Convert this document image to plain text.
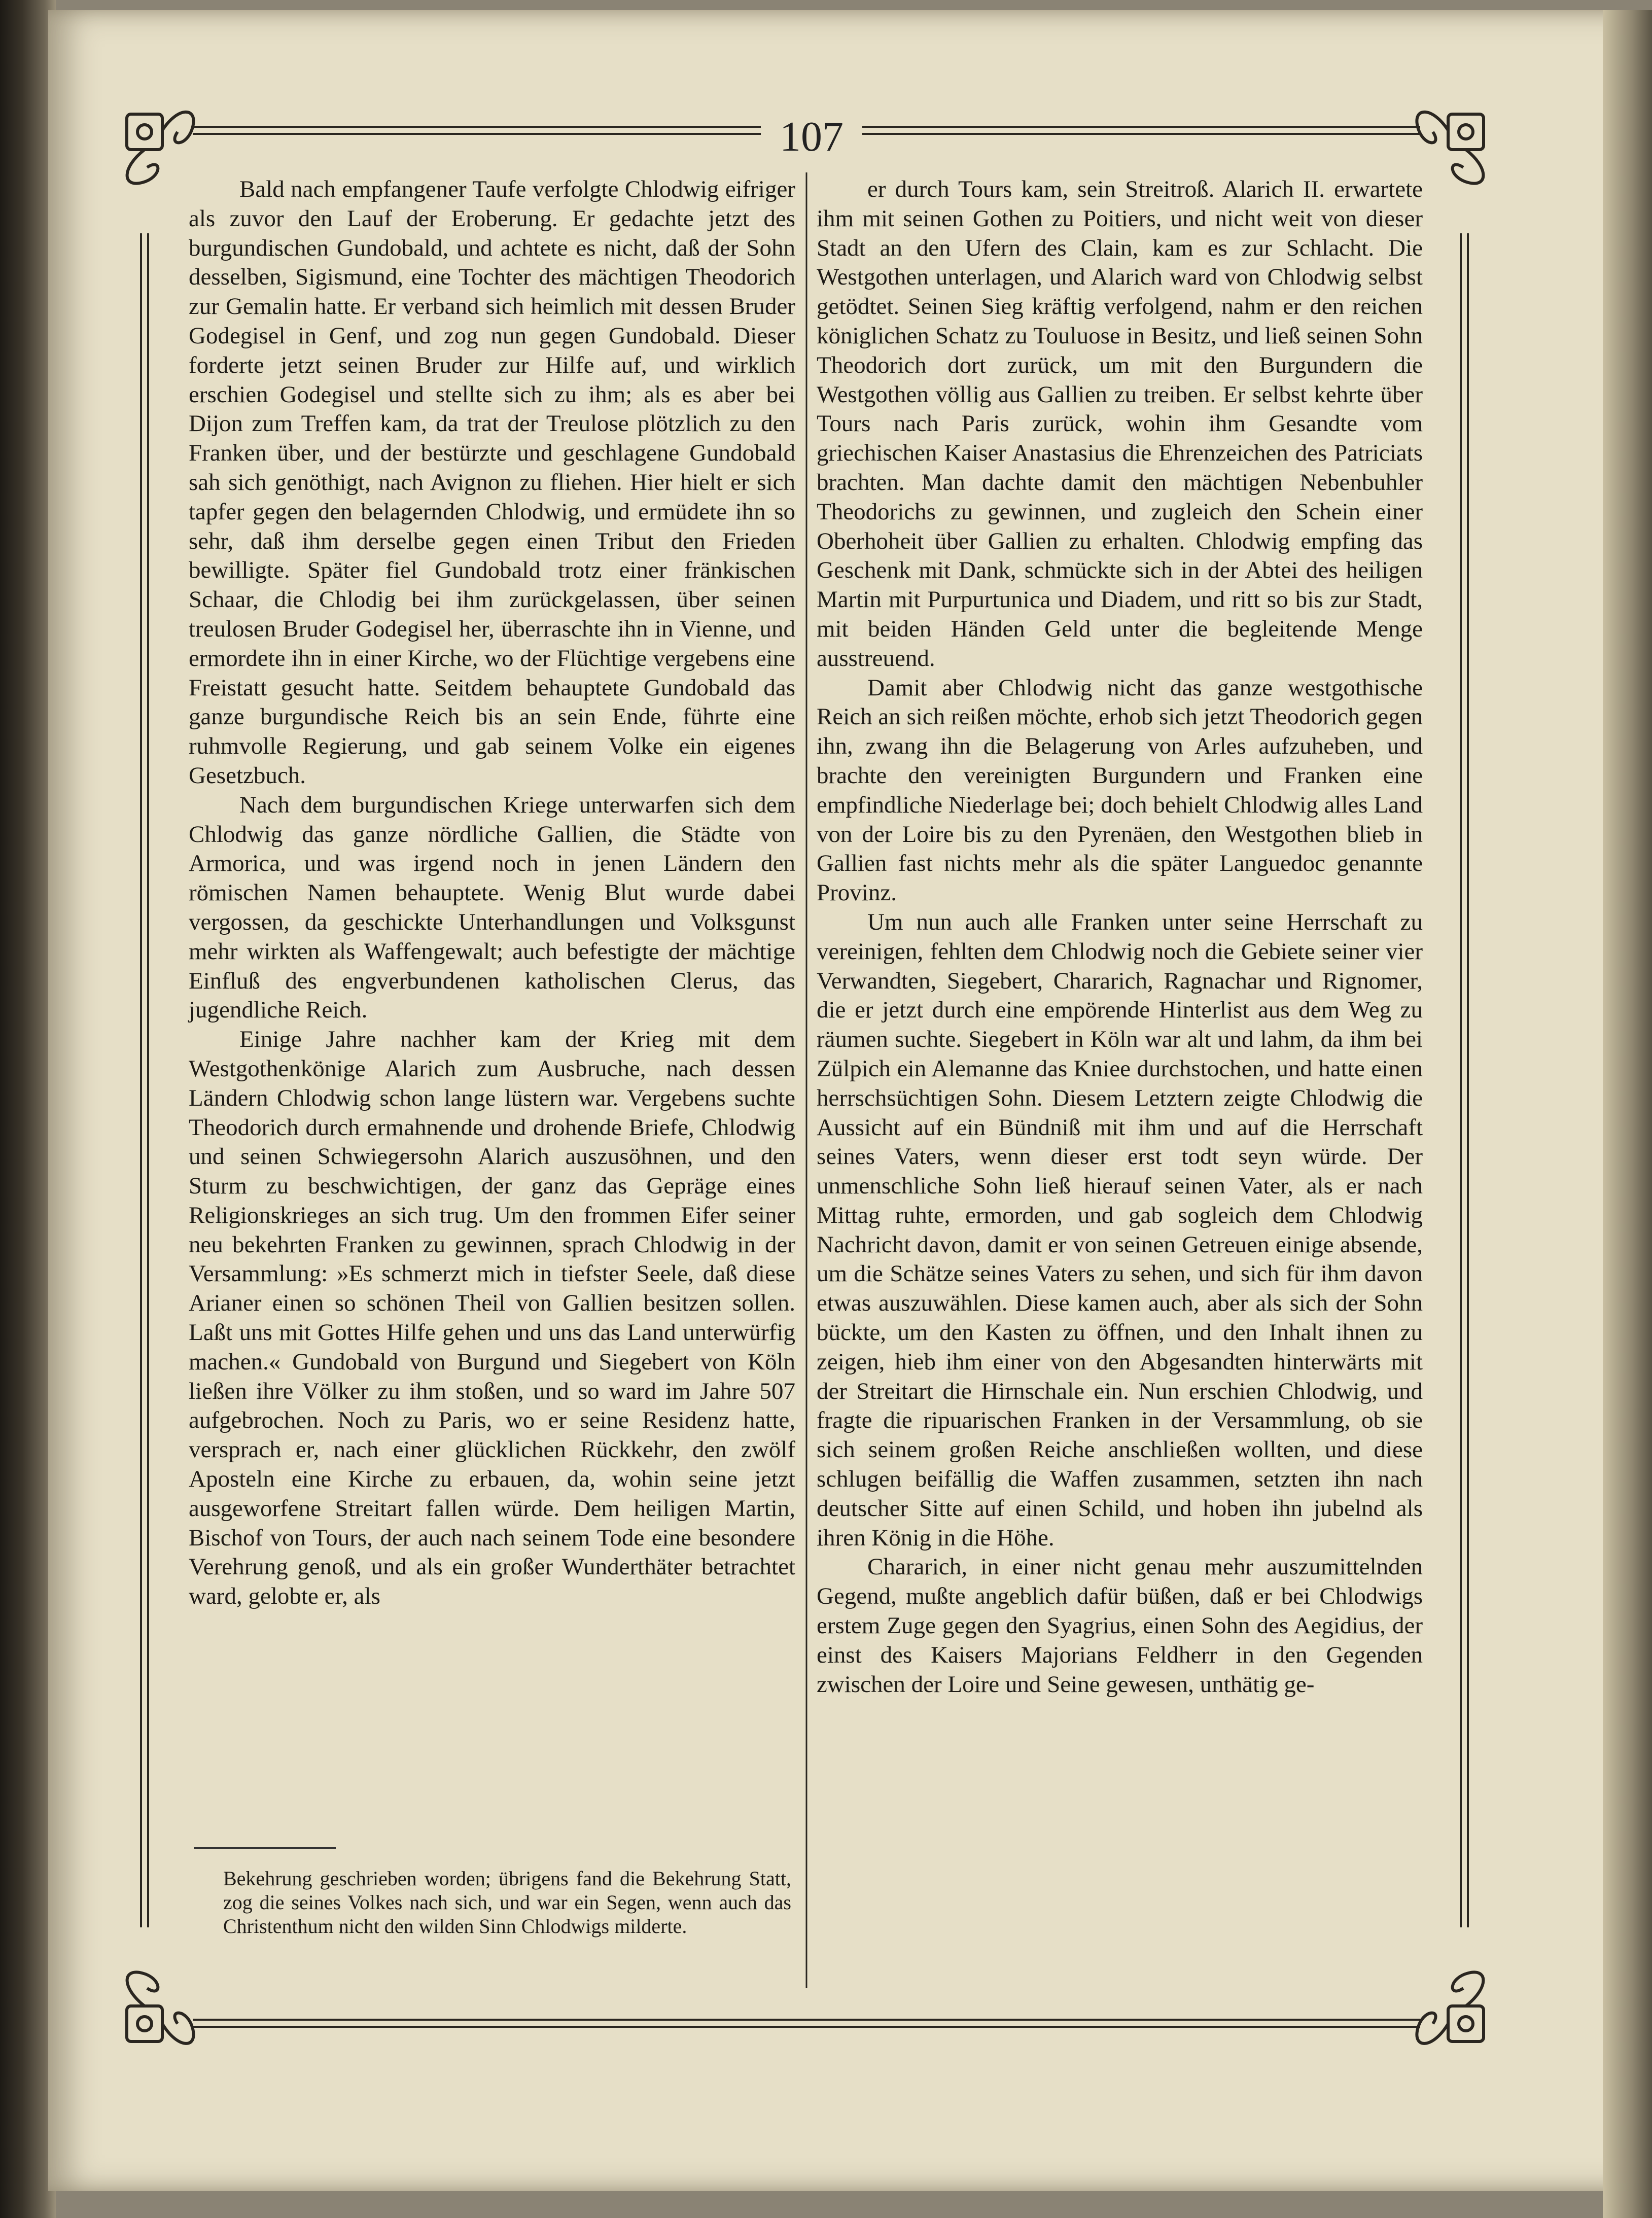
107

Bald nach empfangener Taufe verfolgte Chlodwig eifriger als zuvor den Lauf der Eroberung. Er gedachte jetzt des burgundischen Gundobald, und achtete es nicht, daß der Sohn desselben, Sigismund, eine Tochter des mächtigen Theodorich zur Gemalin hatte. Er verband sich heimlich mit dessen Bruder Godegisel in Genf, und zog nun gegen Gundobald. Dieser forderte jetzt seinen Bruder zur Hilfe auf, und wirklich erschien Godegisel und stellte sich zu ihm; als es aber bei Dijon zum Treffen kam, da trat der Treulose plötzlich zu den Franken über, und der bestürzte und geschlagene Gundobald sah sich genöthigt, nach Avignon zu fliehen. Hier hielt er sich tapfer gegen den belagernden Chlodwig, und ermüdete ihn so sehr, daß ihm derselbe gegen einen Tribut den Frieden bewilligte. Später fiel Gundobald trotz einer fränkischen Schaar, die Chlodig bei ihm zurückgelassen, über seinen treulosen Bruder Godegisel her, überraschte ihn in Vienne, und ermordete ihn in einer Kirche, wo der Flüchtige vergebens eine Freistatt gesucht hatte. Seitdem behauptete Gundobald das ganze burgundische Reich bis an sein Ende, führte eine ruhmvolle Regierung, und gab seinem Volke ein eigenes Gesetzbuch.

Nach dem burgundischen Kriege unterwarfen sich dem Chlodwig das ganze nördliche Gallien, die Städte von Armorica, und was irgend noch in jenen Ländern den römischen Namen behauptete. Wenig Blut wurde dabei vergossen, da geschickte Unterhandlungen und Volksgunst mehr wirkten als Waffengewalt; auch befestigte der mächtige Einfluß des engverbundenen katholischen Clerus, das jugendliche Reich.

Einige Jahre nachher kam der Krieg mit dem Westgothenkönige Alarich zum Ausbruche, nach dessen Ländern Chlodwig schon lange lüstern war. Vergebens suchte Theodorich durch ermahnende und drohende Briefe, Chlodwig und seinen Schwiegersohn Alarich auszusöhnen, und den Sturm zu beschwichtigen, der ganz das Gepräge eines Religionskrieges an sich trug. Um den frommen Eifer seiner neu bekehrten Franken zu gewinnen, sprach Chlodwig in der Versammlung: »Es schmerzt mich in tiefster Seele, daß diese Arianer einen so schönen Theil von Gallien besitzen sollen. Laßt uns mit Gottes Hilfe gehen und uns das Land unterwürfig machen.« Gundobald von Burgund und Siegebert von Köln ließen ihre Völker zu ihm stoßen, und so ward im Jahre 507 aufgebrochen. Noch zu Paris, wo er seine Residenz hatte, versprach er, nach einer glücklichen Rückkehr, den zwölf Aposteln eine Kirche zu erbauen, da, wohin seine jetzt ausgeworfene Streitart fallen würde. Dem heiligen Martin, Bischof von Tours, der auch nach seinem Tode eine besondere Verehrung genoß, und als ein großer Wunderthäter betrachtet ward, gelobte er, als

Bekehrung geschrieben worden; übrigens fand die Bekehrung Statt, zog die seines Volkes nach sich, und war ein Segen, wenn auch das Christenthum nicht den wilden Sinn Chlodwigs milderte.

er durch Tours kam, sein Streitroß. Alarich II. erwartete ihm mit seinen Gothen zu Poitiers, und nicht weit von dieser Stadt an den Ufern des Clain, kam es zur Schlacht. Die Westgothen unterlagen, und Alarich ward von Chlodwig selbst getödtet. Seinen Sieg kräftig verfolgend, nahm er den reichen königlichen Schatz zu Touluose in Besitz, und ließ seinen Sohn Theodorich dort zurück, um mit den Burgundern die Westgothen völlig aus Gallien zu treiben. Er selbst kehrte über Tours nach Paris zurück, wohin ihm Gesandte vom griechischen Kaiser Anastasius die Ehrenzeichen des Patriciats brachten. Man dachte damit den mächtigen Nebenbuhler Theodorichs zu gewinnen, und zugleich den Schein einer Oberhoheit über Gallien zu erhalten. Chlodwig empfing das Geschenk mit Dank, schmückte sich in der Abtei des heiligen Martin mit Purpurtunica und Diadem, und ritt so bis zur Stadt, mit beiden Händen Geld unter die begleitende Menge ausstreuend.

Damit aber Chlodwig nicht das ganze westgothische Reich an sich reißen möchte, erhob sich jetzt Theodorich gegen ihn, zwang ihn die Belagerung von Arles aufzuheben, und brachte den vereinigten Burgundern und Franken eine empfindliche Niederlage bei; doch behielt Chlodwig alles Land von der Loire bis zu den Pyrenäen, den Westgothen blieb in Gallien fast nichts mehr als die später Languedoc genannte Provinz.

Um nun auch alle Franken unter seine Herrschaft zu vereinigen, fehlten dem Chlodwig noch die Gebiete seiner vier Verwandten, Siegebert, Chararich, Ragnachar und Rignomer, die er jetzt durch eine empörende Hinterlist aus dem Weg zu räumen suchte. Siegebert in Köln war alt und lahm, da ihm bei Zülpich ein Alemanne das Kniee durchstochen, und hatte einen herrschsüchtigen Sohn. Diesem Letztern zeigte Chlodwig die Aussicht auf ein Bündniß mit ihm und auf die Herrschaft seines Vaters, wenn dieser erst todt seyn würde. Der unmenschliche Sohn ließ hierauf seinen Vater, als er nach Mittag ruhte, ermorden, und gab sogleich dem Chlodwig Nachricht davon, damit er von seinen Getreuen einige absende, um die Schätze seines Vaters zu sehen, und sich für ihm davon etwas auszuwählen. Diese kamen auch, aber als sich der Sohn bückte, um den Kasten zu öffnen, und den Inhalt ihnen zu zeigen, hieb ihm einer von den Abgesandten hinterwärts mit der Streitart die Hirnschale ein. Nun erschien Chlodwig, und fragte die ripuarischen Franken in der Versammlung, ob sie sich seinem großen Reiche anschließen wollten, und diese schlugen beifällig die Waffen zusammen, setzten ihn nach deutscher Sitte auf einen Schild, und hoben ihn jubelnd als ihren König in die Höhe.

Chararich, in einer nicht genau mehr auszumittelnden Gegend, mußte angeblich dafür büßen, daß er bei Chlodwigs erstem Zuge gegen den Syagrius, einen Sohn des Aegidius, der einst des Kaisers Majorians Feldherr in den Gegenden zwischen der Loire und Seine gewesen, unthätig ge-
